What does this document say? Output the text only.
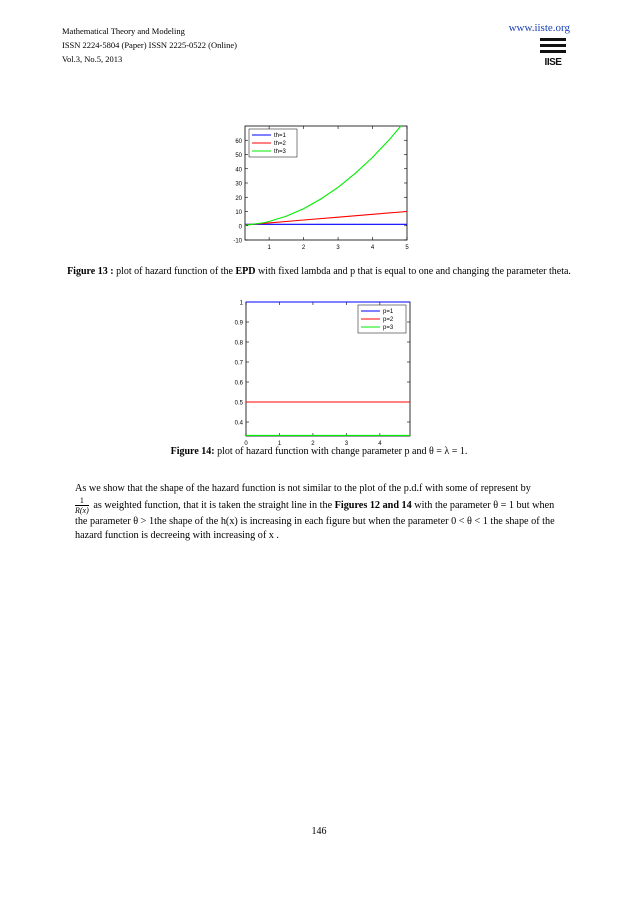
Mathematical Theory and Modeling
ISSN 2224-5804 (Paper) ISSN 2225-0522 (Online)
Vol.3, No.5, 2013
www.iiste.org
IISE
-10
0
10
20
30
40
50
60
1	2	3	4	5
th=1
th=2
th=3
Figure 13 : plot of hazard function of the EPD with fixed lambda and p that is equal to one and changing the parameter theta.
0.4
0.5
0.6
0.7
0.8
0.9
1
0	1	2	3	4
p=1
p=2
p=3
Figure 14: plot of hazard function with change parameter p and θ = λ = 1.
As we show that the shape of the hazard function is not similar to the plot of the p.d.f with some of represent by

$\frac{1}{R(x)}$ as weighted function, that it is taken the straight line in the Figures 12 and 14 with the parameter θ = 1 but when the parameter θ > 1the shape of the h(x) is increasing in each figure but when the parameter 0 < θ < 1 the shape of the hazard function is decreeing with increasing of x .
146
